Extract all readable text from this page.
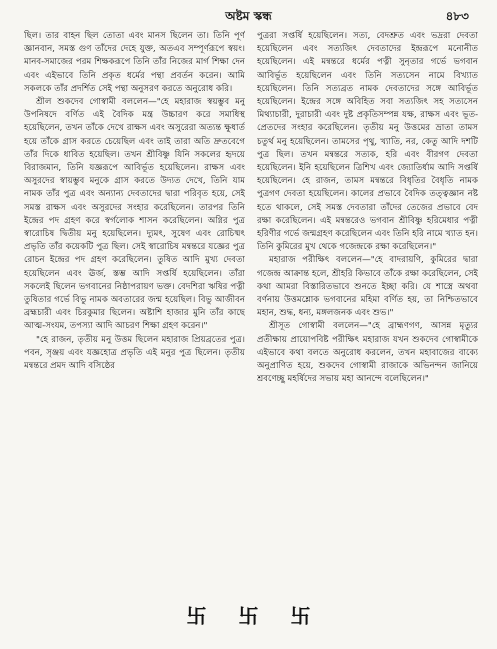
অষ্টম স্কন্ধ	৪৮৩

ছিল। তার বাহন ছিল তোতা এবং মানস ছিলেন তা। তিনি পূর্ণ জ্ঞানবান, সমস্ত গুণ তাঁদের দেহে যুক্ত, অতএব সম্পূর্ণরূপে স্বয়ং। মানব-সমাজের পরম শিক্ষকরূপে তিনি তাঁর নিজের মার্গ শিক্ষা দেন এবং এইভাবে তিনি প্রকৃত ধর্মের পন্থা প্রবর্তন করেন। আমি সকলকে তাঁর প্রদর্শিত সেই পন্থা অনুসরণ করতে অনুরোধ করি।

শ্রীল শুকদেব গোস্বামী বললেন—"হে মহারাজ স্বয়ম্ভুব মনু উপনিষদে বর্ণিত এই বৈদিক মন্ত্র উচ্চারণ করে সমাধিস্থ হয়েছিলেন, তখন তাঁকে দেখে রাক্ষস এবং অসুরেরা অত্যন্ত ক্ষুধার্ত হয়ে তাঁকে গ্রাস করতে চেয়েছিল এবং তাই তারা অতি দ্রুতবেগে তাঁর দিকে ধাবিত হয়েছিল। তখন শ্রীবিষ্ণু যিনি সকলের হৃদয়ে বিরাজমান, তিনি যজ্ঞরূপে আবির্ভূত হয়েছিলেন। রাক্ষস এবং অসুরদের স্বায়ম্ভুব মনুকে গ্রাস করতে উদ্যত দেখে, তিনি যাম নামক তাঁর পুত্র এবং অন্যান্য দেবতাদের দ্বারা পরিবৃত হয়ে, সেই সমস্ত রাক্ষস এবং অসুরদের সংহার করেছিলেন। তারপর তিনি ইন্দ্রের পদ গ্রহণ করে স্বর্গলোক শাসন করেছিলেন। অগ্নির পুত্র স্বারোচিষ দ্বিতীয় মনু হয়েছিলেন। দ্যুমৎ, সুষেণ এবং রোচিষ্মৎ প্রভৃতি তাঁর কয়েকটি পুত্র ছিল। সেই স্বারোচিষ মন্বন্তরে যজ্ঞের পুত্র রোচন ইন্দ্রের পদ গ্রহণ করেছিলেন। তুষিত আদি মুখ্য দেবতা হয়েছিলেন এবং ঊর্জ, স্তম্ভ আদি সপ্তর্ষি হয়েছিলেন। তাঁরা সকলেই ছিলেন ভগবানের নিষ্ঠাপরায়ণ ভক্ত। বেদশিরা ঋষির পত্নী তুষিতার গর্ভে বিভু নামক অবতারের জন্ম হয়েছিল। বিভু আজীবন ব্রহ্মচারী এবং চিরকুমার ছিলেন। অষ্টাশি হাজার মুনি তাঁর কাছে আত্ম-সংযম, তপস্যা আদি আচরণ শিক্ষা গ্রহণ করেন।"

"হে রাজন, তৃতীয় মনু উত্তম ছিলেন মহারাজ প্রিয়ব্রতের পুত্র। পবন, সৃঞ্জয় এবং যজ্ঞহোত্র প্রভৃতি এই মনুর পুত্র ছিলেন। তৃতীয় মন্বন্তরে প্রমদ আদি বসিষ্ঠের

পুত্ররা সপ্তর্ষি হয়েছিলেন। সত্য, বেদশ্রুত এবং ভদ্ররা দেবতা হয়েছিলেন এবং সত্যজিৎ দেবতাদের ইন্দ্ররূপে মনোনীত হয়েছিলেন। এই মন্বন্তরে ধর্মের পত্নী সুনৃতার গর্ভে ভগবান আবির্ভূত হয়েছিলেন এবং তিনি সত্যসেন নামে বিখ্যাত হয়েছিলেন। তিনি সত্যব্রত নামক দেবতাদের সঙ্গে আবির্ভূত হয়েছিলেন। ইন্দ্রের সঙ্গে অবিহিত সবা সত্যজিৎ সহ সত্যসেন মিথ্যাচারী, দুরাচারী এবং দুষ্ট প্রকৃতিসম্পন্ন যক্ষ, রাক্ষস এবং ভূত-প্রেতদের সংহার করেছিলেন। তৃতীয় মনু উত্তমের ভ্রাতা তামস চতুর্থ মনু হয়েছিলেন। তামসের পৃথু, খ্যাতি, নর, কেতু আদি দশটি পুত্র ছিল। তখন মন্বন্তরে সত্যক, হরি এবং বীরগণ দেবতা হয়েছিলেন। ইনি হয়েছিলেন ত্রিশিখ এবং জ্যোতির্ধাম আদি সপ্তর্ষি হয়েছিলেন। হে রাজন, তামস মন্বন্তরে বিধৃতির বৈধৃতি নামক পুত্রগণ দেবতা হয়েছিলেন। কালের প্রভাবে বৈদিক তত্ত্বজ্ঞান নষ্ট হতে থাকলে, সেই সমস্ত দেবতারা তাঁদের তেজের প্রভাবে বেদ রক্ষা করেছিলেন। এই মন্বন্তরেও ভগবান শ্রীবিষ্ণু হরিমেধার পত্নী হরিণীর গর্ভে জন্মগ্রহণ করেছিলেন এবং তিনি হরি নামে খ্যাত হন। তিনি কুমিরের মুখ থেকে গজেন্দ্রকে রক্ষা করেছিলেন।"

মহারাজ পরীক্ষিৎ বললেন—"হে বাদরায়ণি, কুমিরের দ্বারা গজেন্দ্র আক্রান্ত হলে, শ্রীহরি কিভাবে তাঁকে রক্ষা করেছিলেন, সেই কথা আমরা বিস্তারিতভাবে শুনতে ইচ্ছা করি। যে শাস্ত্রে অথবা বর্ণনায় উত্তমশ্লোক ভগবানের মহিমা বর্ণিত হয়, তা নিশ্চিতভাবে মহান, শুদ্ধ, ধন্য, মঙ্গলজনক এবং শুভ।"

শ্রীসূত গোস্বামী বললেন—"হে ব্রাহ্মণগণ, আসন্ন মৃত্যুর প্রতীক্ষায় প্রায়োপবিষ্ট পরীক্ষিৎ মহারাজ যখন শুকদেব গোস্বামীকে এইভাবে কথা বলতে অনুরোধ করলেন, তখন মহাবাজের বাক্যে অনুপ্রাণিত হয়ে, শুকদেব গোস্বামী রাজাকে অভিনন্দন জানিয়ে শ্রবণেচ্ছু মহর্ষিদের সভায় মহা আনন্দে বলেছিলেন।"

卐 卐 卐
